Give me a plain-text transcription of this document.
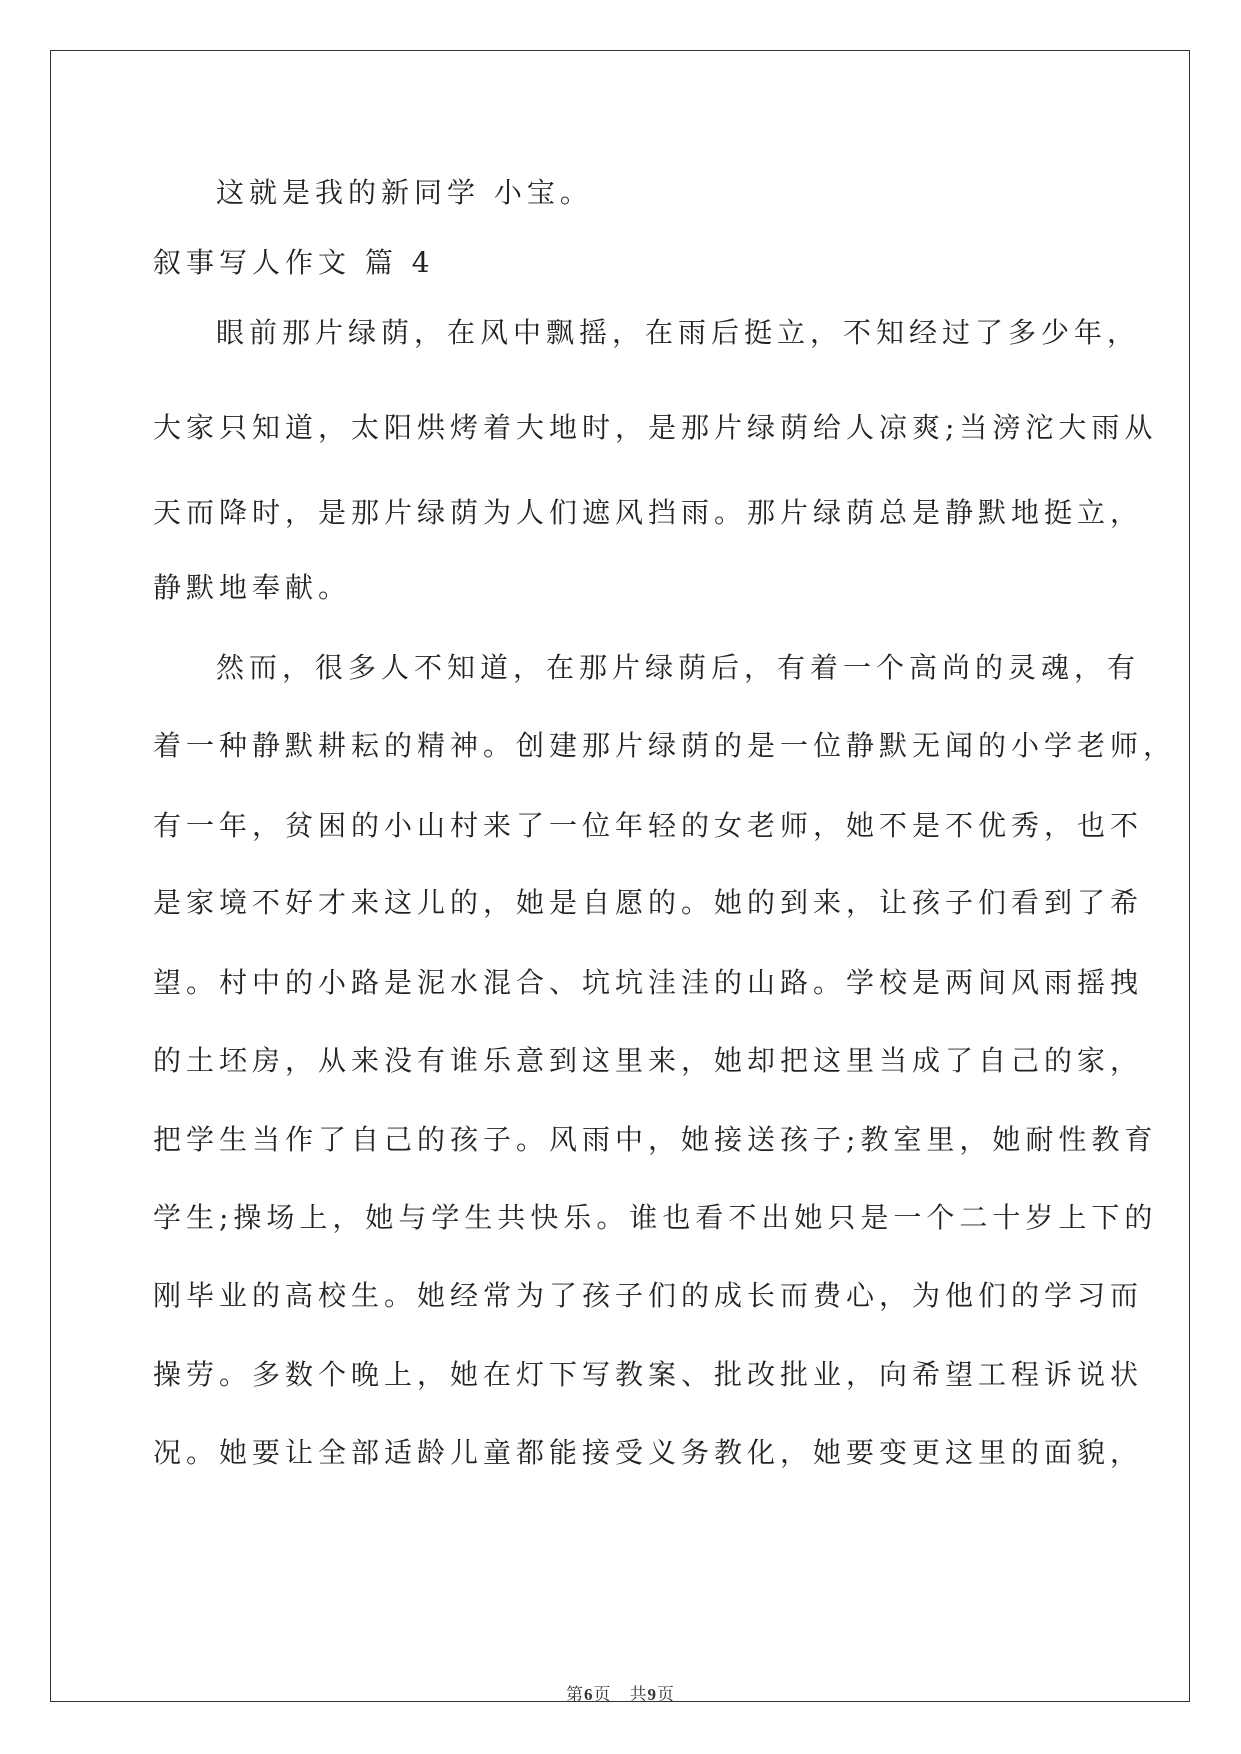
这就是我的新同学 小宝。
叙事写人作文 篇 4
眼前那片绿荫，在风中飘摇，在雨后挺立，不知经过了多少年，
大家只知道，太阳烘烤着大地时，是那片绿荫给人凉爽;当滂沱大雨从
天而降时，是那片绿荫为人们遮风挡雨。那片绿荫总是静默地挺立，
静默地奉献。
然而，很多人不知道，在那片绿荫后，有着一个高尚的灵魂，有
着一种静默耕耘的精神。创建那片绿荫的是一位静默无闻的小学老师，
有一年，贫困的小山村来了一位年轻的女老师，她不是不优秀，也不
是家境不好才来这儿的，她是自愿的。她的到来，让孩子们看到了希
望。村中的小路是泥水混合、坑坑洼洼的山路。学校是两间风雨摇拽
的土坯房，从来没有谁乐意到这里来，她却把这里当成了自己的家，
把学生当作了自己的孩子。风雨中，她接送孩子;教室里，她耐性教育
学生;操场上，她与学生共快乐。谁也看不出她只是一个二十岁上下的
刚毕业的高校生。她经常为了孩子们的成长而费心，为他们的学习而
操劳。多数个晚上，她在灯下写教案、批改批业，向希望工程诉说状
况。她要让全部适龄儿童都能接受义务教化，她要变更这里的面貌，
第6页　共9页
